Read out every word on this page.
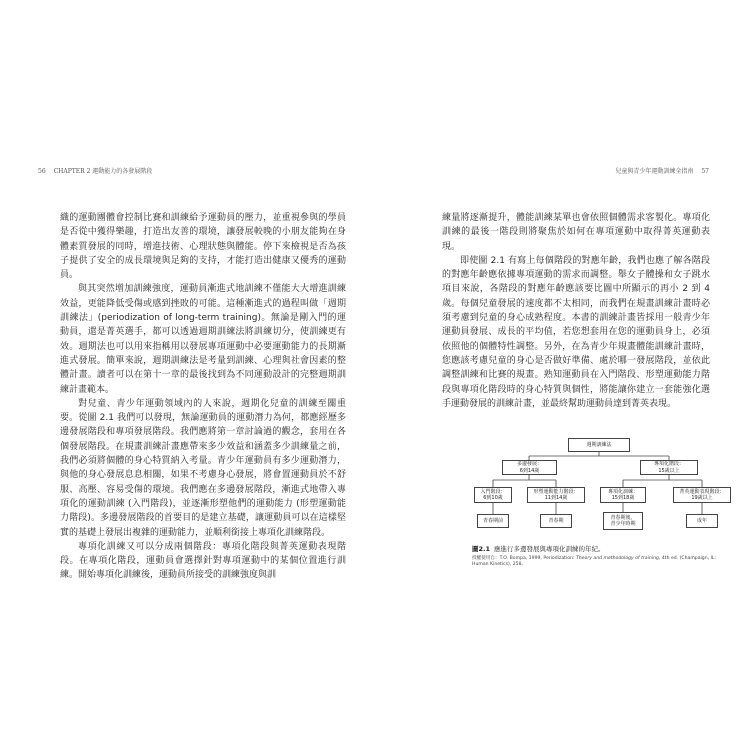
56 CHAPTER 2 運動能力的各發展階段	兒童與青少年運動訓練全指南 57

織的運動團體會控制比賽和訓練給予運動員的壓力，並重視參與的學員是否從中獲得樂趣，打造出友善的環境，讓發展較晚的小朋友能夠在身體素質發展的同時，增進技術、心理狀態與體能。停下來檢視是否為孩子提供了安全的成長環境與足夠的支持，才能打造出健康又優秀的運動員。

與其突然增加訓練強度，運動員漸進式地訓練不僅能大大增進訓練效益，更能降低受傷或感到挫敗的可能。這種漸進式的過程叫做「週期訓練法」(periodization of long-term training)。無論是剛入門的運動員，還是菁英選手，都可以透過週期訓練法將訓練切分，使訓練更有效。週期法也可以用來指稱用以發展專項運動中必要運動能力的長期漸進式發展。簡單來說，週期訓練法是考量到訓練、心理與社會因素的整體計畫。讀者可以在第十一章的最後找到為不同運動設計的完整週期訓練計畫範本。

對兒童、青少年運動領域內的人來說，週期化兒童的訓練至關重要。從圖 2.1 我們可以發現，無論運動員的運動潛力為何，都應經歷多邊發展階段和專項發展階段。我們應將第一章討論過的觀念，套用在各個發展階段。在規畫訓練計畫應帶來多少效益和涵蓋多少訓練量之前，我們必須將個體的身心特質納入考量。青少年運動員有多少運動潛力，與他的身心發展息息相關，如果不考慮身心發展，將會置運動員於不舒服、高壓、容易受傷的環境。我們應在多邊發展階段，漸進式地帶入專項化的運動訓練 (入門階段)，並逐漸形塑他們的運動能力 (形塑運動能力階段)。多邊發展階段的首要目的是建立基礎，讓運動員可以在這樣堅實的基礎上發展出複雜的運動能力，並順利銜接上專項化訓練階段。

專項化訓練又可以分成兩個階段：專項化階段與菁英運動表現階段。在專項化階段，運動員會選擇針對專項運動中的某個位置進行訓練。開始專項化訓練後，運動員所接受的訓練強度與訓

練量將逐漸提升，體能訓練某單也會依照個體需求客製化。專項化訓練的最後一階段則將聚焦於如何在專項運動中取得菁英運動表現。

即使圖 2.1 有寫上每個階段的對應年齡，我們也應了解各階段的對應年齡應依據專項運動的需求而調整。舉女子體操和女子跳水項目來說，各階段的對應年齡應該要比圖中所顯示的再小 2 到 4 歲。每個兒童發展的速度都不太相同，而我們在規畫訓練計畫時必須考慮到兒童的身心成熟程度。本書的訓練計畫皆採用一般青少年運動員發展、成長的平均值，若您想套用在您的運動員身上，必須依照他的個體特性調整。另外，在為青少年規畫體能訓練計畫時，您應該考慮兒童的身心是否做好準備、處於哪一發展階段，並依此調整訓練和比賽的規畫。熟知運動員在入門階段、形塑運動能力階段與專項化階段時的身心特質與個性，將能讓你建立一套能強化選手運動發展的訓練計畫，並最終幫助運動員達到菁英表現。

週期訓練法
多邊發展：
6到14歲
專項化階段：
15歲以上
入門階段：
6到10歲
形塑運動能力階段：
11到14歲
專項化訓練：
15到18歲
菁英運動表現階段：
19歲以上
青春期前	青春期
青春期後、
青少年時期
成年
圖2.1 應進行多邊發展與專項化訓練的年紀。
授權使用自：T.O. Bompa, 1999, Periodization: Theory and methodology of training, 4th ed. (Champaign, IL: Human Kinetics), 258.
